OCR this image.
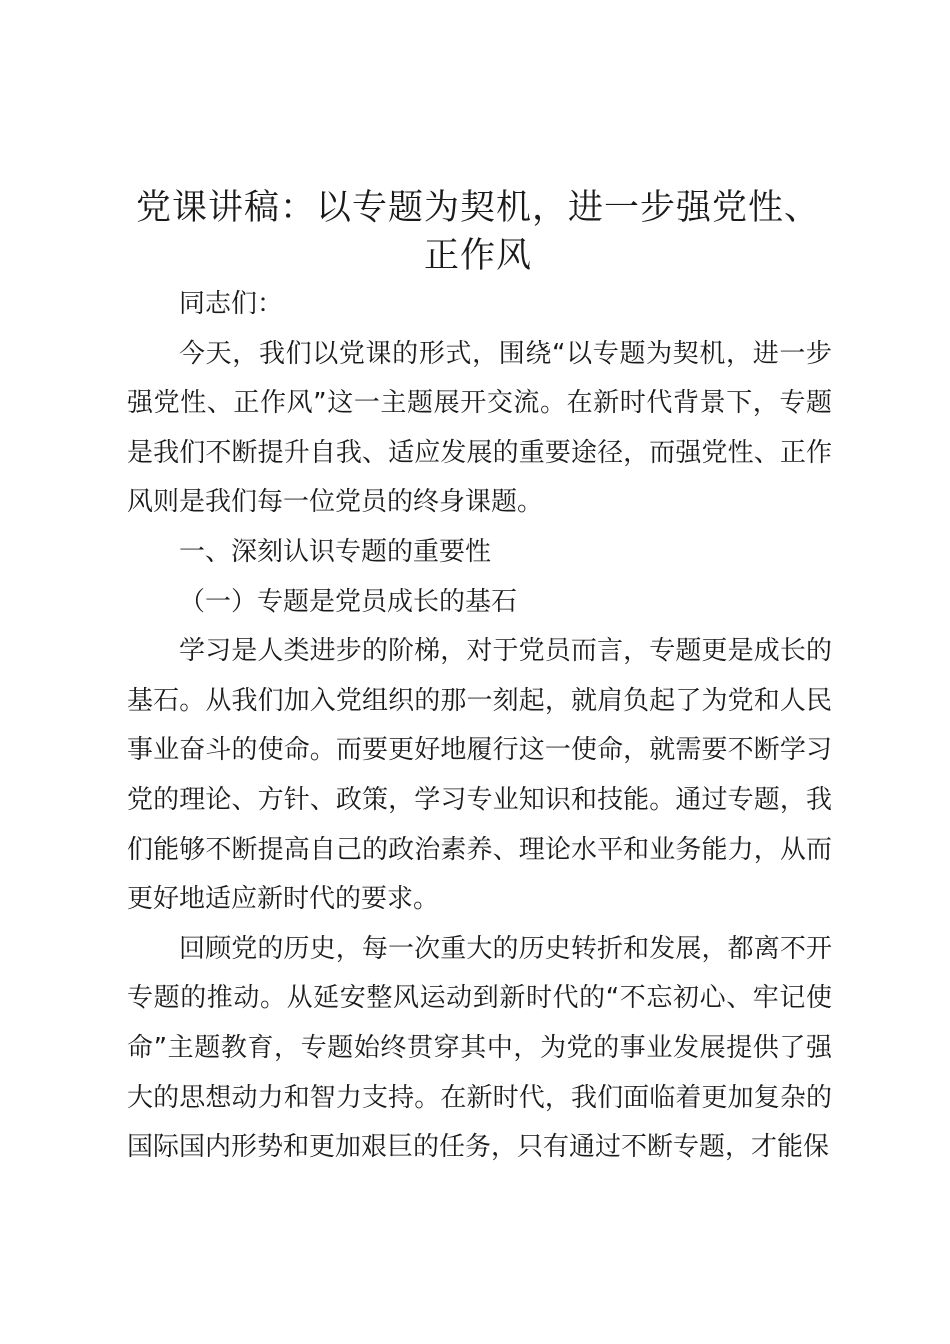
党课讲稿：以专题为契机，进一步强党性、正作风

同志们：

今天，我们以党课的形式，围绕“以专题为契机，进一步强党性、正作风”这一主题展开交流。在新时代背景下，专题是我们不断提升自我、适应发展的重要途径，而强党性、正作风则是我们每一位党员的终身课题。

一、深刻认识专题的重要性

（一）专题是党员成长的基石

学习是人类进步的阶梯，对于党员而言，专题更是成长的基石。从我们加入党组织的那一刻起，就肩负起了为党和人民事业奋斗的使命。而要更好地履行这一使命，就需要不断学习党的理论、方针、政策，学习专业知识和技能。通过专题，我们能够不断提高自己的政治素养、理论水平和业务能力，从而更好地适应新时代的要求。

回顾党的历史，每一次重大的历史转折和发展，都离不开专题的推动。从延安整风运动到新时代的“不忘初心、牢记使命”主题教育，专题始终贯穿其中，为党的事业发展提供了强大的思想动力和智力支持。在新时代，我们面临着更加复杂的国际国内形势和更加艰巨的任务，只有通过不断专题，才能保
